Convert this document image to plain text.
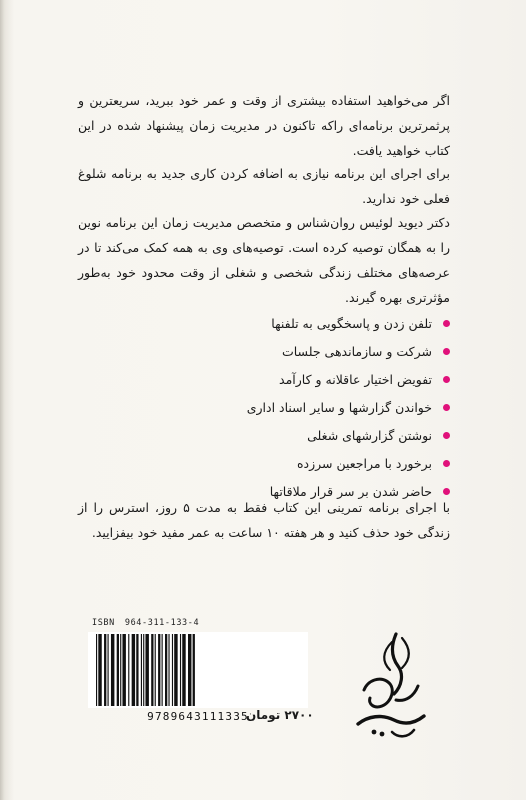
اگر می‌خواهید استفاده بیشتری از وقت و عمر خود ببرید، سریعترین و پرثمرترین برنامه‌ای راکه تاکنون در مدیریت زمان پیشنهاد شده در این کتاب خواهید یافت.

برای اجرای این برنامه نیازی به اضافه کردن کاری جدید به برنامه شلوغ فعلی خود ندارید.

دکتر دیوید لوئیس روان‌شناس و متخصص مدیریت زمان این برنامه نوین را به همگان توصیه کرده است. توصیه‌های وی به همه کمک می‌کند تا در عرصه‌های مختلف زندگی شخصی و شغلی از وقت محدود خود به‌طور مؤثرتری بهره گیرند.

تلفن زدن و پاسخگویی به تلفنها
شرکت و سازماندهی جلسات
تفویض اختیار عاقلانه و کارآمد
خواندن گزارشها و سایر اسناد اداری
نوشتن گزارشهای شغلی
برخورد با مراجعین سرزده
حاضر شدن بر سر قرار ملاقاتها

با اجرای برنامه تمرینی این کتاب فقط به مدت ۵ روز، استرس را از زندگی خود حذف کنید و هر هفته ۱۰ ساعت به عمر مفید خود بیفزایید.

ISBN 964-311-133-4
9789643111335
۲۷۰۰ تومان
